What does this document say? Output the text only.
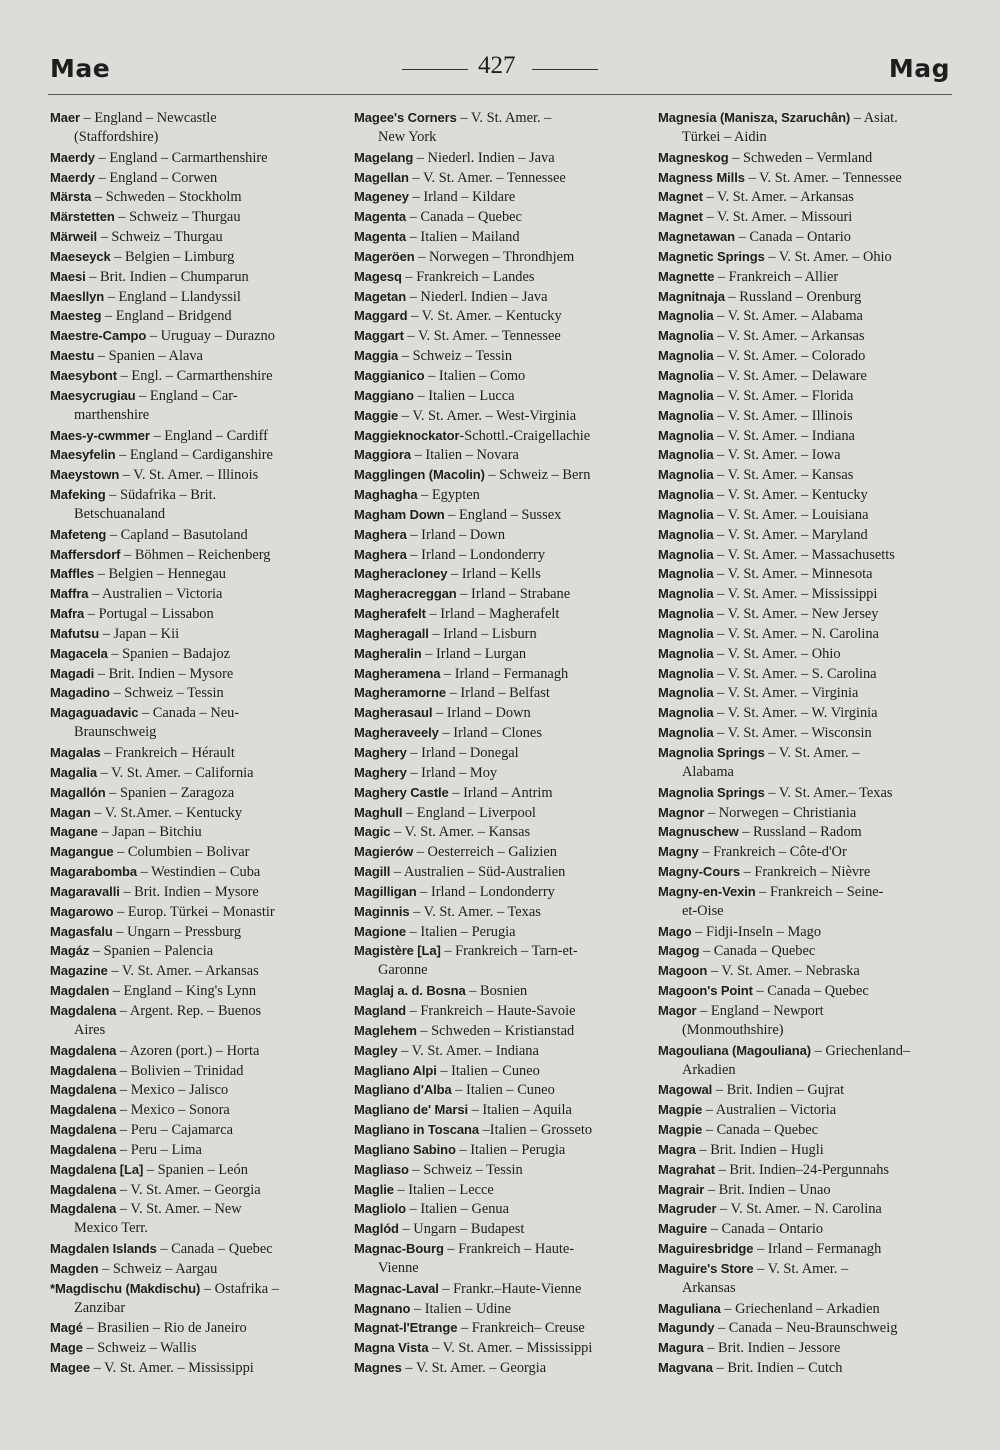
Mae	427	Mag
Maer – England – Newcastle
(Staffordshire)
Maerdy – England – Carmarthenshire
Maerdy – England – Corwen
Märsta – Schweden – Stockholm
Märstetten – Schweiz – Thurgau
Märweil – Schweiz – Thurgau
Maeseyck – Belgien – Limburg
Maesi – Brit. Indien – Chumparun
Maesllyn – England – Llandyssil
Maesteg – England – Bridgend
Maestre-Campo – Uruguay – Durazno
Maestu – Spanien – Alava
Maesybont – Engl. – Carmarthenshire
Maesycrugiau – England – Car-
marthenshire
Maes-y-cwmmer – England – Cardiff
Maesyfelin – England – Cardiganshire
Maeystown – V. St. Amer. – Illinois
Mafeking – Südafrika – Brit.
Betschuanaland
Mafeteng – Capland – Basutoland
Maffersdorf – Böhmen – Reichenberg
Maffles – Belgien – Hennegau
Maffra – Australien – Victoria
Mafra – Portugal – Lissabon
Mafutsu – Japan – Kii
Magacela – Spanien – Badajoz
Magadi – Brit. Indien – Mysore
Magadino – Schweiz – Tessin
Magaguadavic – Canada – Neu-
Braunschweig
Magalas – Frankreich – Hérault
Magalia – V. St. Amer. – California
Magallón – Spanien – Zaragoza
Magan – V. St.Amer. – Kentucky
Magane – Japan – Bitchiu
Magangue – Columbien – Bolivar
Magarabomba – Westindien – Cuba
Magaravalli – Brit. Indien – Mysore
Magarowo – Europ. Türkei – Monastir
Magasfalu – Ungarn – Pressburg
Magáz – Spanien – Palencia
Magazine – V. St. Amer. – Arkansas
Magdalen – England – King's Lynn
Magdalena – Argent. Rep. – Buenos
Aires
Magdalena – Azoren (port.) – Horta
Magdalena – Bolivien – Trinidad
Magdalena – Mexico – Jalisco
Magdalena – Mexico – Sonora
Magdalena – Peru – Cajamarca
Magdalena – Peru – Lima
Magdalena [La] – Spanien – León
Magdalena – V. St. Amer. – Georgia
Magdalena – V. St. Amer. – New
Mexico Terr.
Magdalen Islands – Canada – Quebec
Magden – Schweiz – Aargau
*Magdischu (Makdischu) – Ostafrika –
Zanzibar
Magé – Brasilien – Rio de Janeiro
Mage – Schweiz – Wallis
Magee – V. St. Amer. – Mississippi
Magee's Corners – V. St. Amer. –
New York
Magelang – Niederl. Indien – Java
Magellan – V. St. Amer. – Tennessee
Mageney – Irland – Kildare
Magenta – Canada – Quebec
Magenta – Italien – Mailand
Mageröen – Norwegen – Throndhjem
Magesq – Frankreich – Landes
Magetan – Niederl. Indien – Java
Maggard – V. St. Amer. – Kentucky
Maggart – V. St. Amer. – Tennessee
Maggia – Schweiz – Tessin
Maggianico – Italien – Como
Maggiano – Italien – Lucca
Maggie – V. St. Amer. – West-Virginia
Maggieknockator-Schottl.-Craigellachie
Maggiora – Italien – Novara
Magglingen (Macolin) – Schweiz – Bern
Maghagha – Egypten
Magham Down – England – Sussex
Maghera – Irland – Down
Maghera – Irland – Londonderry
Magheracloney – Irland – Kells
Magheracreggan – Irland – Strabane
Magherafelt – Irland – Magherafelt
Magheragall – Irland – Lisburn
Magheralin – Irland – Lurgan
Magheramena – Irland – Fermanagh
Magheramorne – Irland – Belfast
Magherasaul – Irland – Down
Magheraveely – Irland – Clones
Maghery – Irland – Donegal
Maghery – Irland – Moy
Maghery Castle – Irland – Antrim
Maghull – England – Liverpool
Magic – V. St. Amer. – Kansas
Magierów – Oesterreich – Galizien
Magill – Australien – Süd-Australien
Magilligan – Irland – Londonderry
Maginnis – V. St. Amer. – Texas
Magione – Italien – Perugia
Magistère [La] – Frankreich – Tarn-et-
Garonne
Maglaj a. d. Bosna – Bosnien
Magland – Frankreich – Haute-Savoie
Maglehem – Schweden – Kristianstad
Magley – V. St. Amer. – Indiana
Magliano Alpi – Italien – Cuneo
Magliano d'Alba – Italien – Cuneo
Magliano de' Marsi – Italien – Aquila
Magliano in Toscana –Italien – Grosseto
Magliano Sabino – Italien – Perugia
Magliaso – Schweiz – Tessin
Maglie – Italien – Lecce
Magliolo – Italien – Genua
Maglód – Ungarn – Budapest
Magnac-Bourg – Frankreich – Haute-
Vienne
Magnac-Laval – Frankr.–Haute-Vienne
Magnano – Italien – Udine
Magnat-l'Etrange – Frankreich– Creuse
Magna Vista – V. St. Amer. – Mississippi
Magnes – V. St. Amer. – Georgia
Magnesia (Manisza, Szaruchân) – Asiat.
Türkei – Aidin
Magneskog – Schweden – Vermland
Magness Mills – V. St. Amer. – Tennessee
Magnet – V. St. Amer. – Arkansas
Magnet – V. St. Amer. – Missouri
Magnetawan – Canada – Ontario
Magnetic Springs – V. St. Amer. – Ohio
Magnette – Frankreich – Allier
Magnitnaja – Russland – Orenburg
Magnolia – V. St. Amer. – Alabama
Magnolia – V. St. Amer. – Arkansas
Magnolia – V. St. Amer. – Colorado
Magnolia – V. St. Amer. – Delaware
Magnolia – V. St. Amer. – Florida
Magnolia – V. St. Amer. – Illinois
Magnolia – V. St. Amer. – Indiana
Magnolia – V. St. Amer. – Iowa
Magnolia – V. St. Amer. – Kansas
Magnolia – V. St. Amer. – Kentucky
Magnolia – V. St. Amer. – Louisiana
Magnolia – V. St. Amer. – Maryland
Magnolia – V. St. Amer. – Massachusetts
Magnolia – V. St. Amer. – Minnesota
Magnolia – V. St. Amer. – Mississippi
Magnolia – V. St. Amer. – New Jersey
Magnolia – V. St. Amer. – N. Carolina
Magnolia – V. St. Amer. – Ohio
Magnolia – V. St. Amer. – S. Carolina
Magnolia – V. St. Amer. – Virginia
Magnolia – V. St. Amer. – W. Virginia
Magnolia – V. St. Amer. – Wisconsin
Magnolia Springs – V. St. Amer. –
Alabama
Magnolia Springs – V. St. Amer.– Texas
Magnor – Norwegen – Christiania
Magnuschew – Russland – Radom
Magny – Frankreich – Côte-d'Or
Magny-Cours – Frankreich – Nièvre
Magny-en-Vexin – Frankreich – Seine-
et-Oise
Mago – Fidji-Inseln – Mago
Magog – Canada – Quebec
Magoon – V. St. Amer. – Nebraska
Magoon's Point – Canada – Quebec
Magor – England – Newport
(Monmouthshire)
Magouliana (Magouliana) – Griechenland–
Arkadien
Magowal – Brit. Indien – Gujrat
Magpie – Australien – Victoria
Magpie – Canada – Quebec
Magra – Brit. Indien – Hugli
Magrahat – Brit. Indien–24-Pergunnahs
Magrair – Brit. Indien – Unao
Magruder – V. St. Amer. – N. Carolina
Maguire – Canada – Ontario
Maguiresbridge – Irland – Fermanagh
Maguire's Store – V. St. Amer. –
Arkansas
Maguliana – Griechenland – Arkadien
Magundy – Canada – Neu-Braunschweig
Magura – Brit. Indien – Jessore
Magvana – Brit. Indien – Cutch
